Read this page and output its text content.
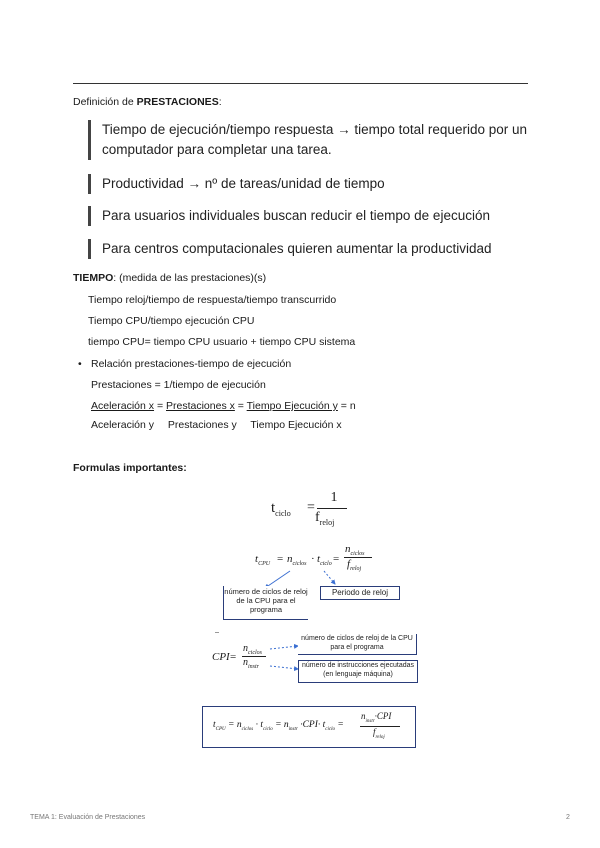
Definición de PRESTACIONES:
Tiempo de ejecución/tiempo respuesta → tiempo total requerido por un computador para completar una tarea.
Productividad → nº de tareas/unidad de tiempo
Para usuarios individuales buscan reducir el tiempo de ejecución
Para centros computacionales quieren aumentar la productividad
TIEMPO: (medida de las prestaciones)(s)
Tiempo reloj/tiempo de respuesta/tiempo transcurrido
Tiempo CPU/tiempo ejecución CPU
tiempo CPU= tiempo CPU usuario + tiempo CPU sistema
• Relación prestaciones-tiempo de ejecución
Prestaciones = 1/tiempo de ejecución
Aceleración x = Prestaciones x = Tiempo Ejecución y = n
Aceleración y Prestaciones y Tiempo Ejecución x
Formulas importantes:
$t_{ciclo}$ =
1
$f_{reloj}$
$t_{CPU} = n_{ciclos} \cdot t_{ciclo}$ =
$n_{ciclos}$
$f_{reloj}$
número de ciclos de reloj de la CPU para el programa
Periodo de reloj
CPI =
$n_{ciclos}$
$n_{instr}$
número de ciclos de reloj de la CPU para el programa
número de instrucciones ejecutadas (en lenguaje máquina)
$t_{CPU} = n_{ciclos} \cdot t_{ciclo} = n_{instr} \cdot CPI\cdot t_{ciclo}$ =
$n_{instr}\cdot CPI$
$f_{reloj}$
TEMA 1: Evaluación de Prestaciones	2
